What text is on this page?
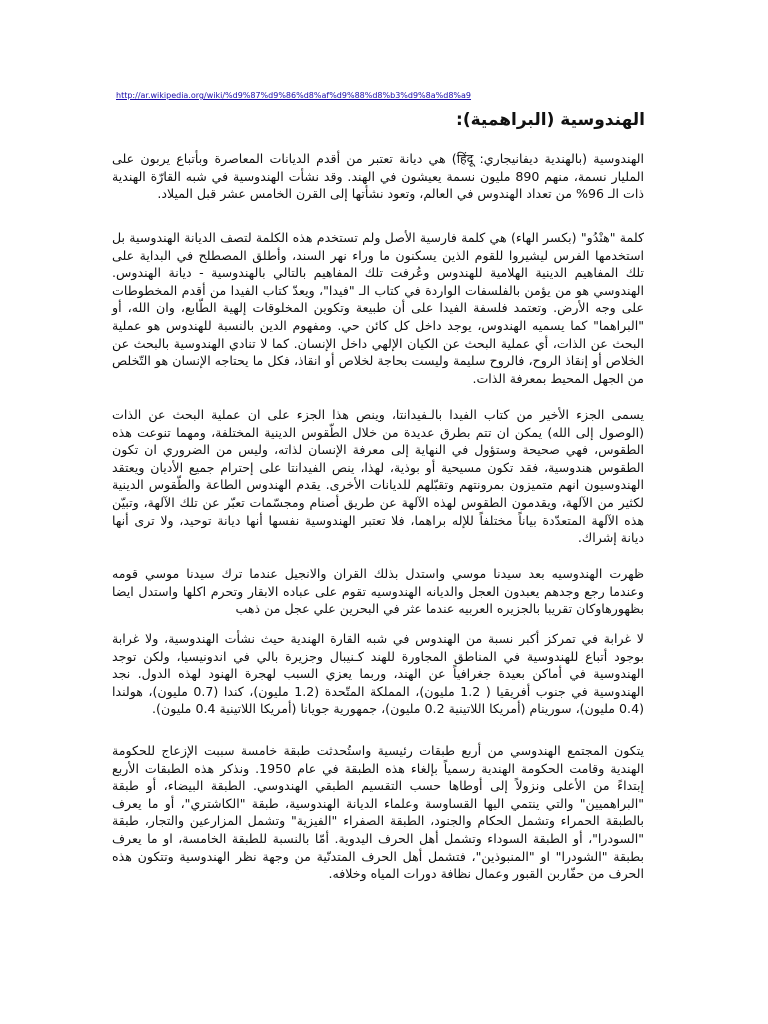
http://ar.wikipedia.org/wiki/%d9%87%d9%86%d8%af%d9%88%d8%b3%d9%8a%d8%a9
الهندوسية (البراهمية):

الهندوسية (بالهندية ديفانيجاري: हिंदू) هي ديانة تعتبر من أقدم الديانات المعاصرة وبأتباع يربون على المليار نسمة، منهم 890 مليون نسمة يعيشون في الهند. وقد نشأت الهندوسية في شبه القارّة الهندية ذات الـ 96% من تعداد الهندوس في العالم، وتعود نشأتها إلى القرن الخامس عشر قبل الميلاد.

كلمة "هنْدُو" (بكسر الهاء) هي كلمة فارسية الأصل ولم تستخدم هذه الكلمة لتصف الديانة الهندوسية بل استخدمها الفرس ليشيروا للقوم الذين يسكنون ما وراء نهر السند، وأطلق المصطلح في البداية على تلك المفاهيم الدينية الهلامية للهندوس وعُرفت تلك المفاهيم بالتالي بالهندوسية - ديانة الهندوس. الهندوسي هو من يؤمن بالفلسفات الواردة في كتاب الـ "فيدا"، ويعدّ كتاب الفيدا من أقدم المخطوطات على وجه الأرض. وتعتمد فلسفة الفيدا على أن طبيعة وتكوين المخلوقات إلهية الطّابع، وان الله، أو "البراهما" كما يسميه الهندوس، يوجد داخل كل كائن حي. ومفهوم الدين بالنسبة للهندوس هو عملية البحث عن الذات، أي عملية البحث عن الكيان الإلهي داخل الإنسان. كما لا تنادي الهندوسية بالبحث عن الخلاص أو إنقاذ الروح، فالروح سليمة وليست بحاجة لخلاص أو انقاذ، فكل ما يحتاجه الإنسان هو التّخلص من الجهل المحيط بمعرفة الذات.

يسمى الجزء الأخير من كتاب الفيدا بالـفيدانتا، وينص هذا الجزء على ان عملية البحث عن الذات (الوصول إلى الله) يمكن ان تتم بطرق عديدة من خلال الطّقوس الدينية المختلفة، ومهما تنوعت هذه الطقوس، فهي صحيحة وستؤول في النهاية إلى معرفة الإنسان لذاته، وليس من الضروري ان تكون الطقوس هندوسية، فقد تكون مسيحية أو بوذية، لهذا، ينص الفيدانتا على إحترام جميع الأديان ويعتقد الهندوسيون انهم متميزون بمرونتهم وتقبّلهم للديانات الأخرى. يقدم الهندوس الطاعة والطّقوس الدينية لكثير من الآلهة، ويقدمون الطقوس لهذه الآلهة عن طريق أصنام ومجسّمات تعبّر عن تلك الآلهة، وتبيّن هذه الآلهة المتعدّدة بياناً مختلفاً للإله براهما، فلا تعتبر الهندوسية نفسها أنها ديانة توحيد، ولا ترى أنها ديانة إشراك.

ظهرت الهندوسيه بعد سيدنا موسي واستدل بذلك القران والانجيل عندما ترك سيدنا موسي قومه وعندما رجع وجدهم يعبدون العجل والديانه الهندوسيه تقوم على عباده الابقار وتحرم اكلها واستدل ايضا بظهورهاوكان تقريبا بالجزيره العربيه عندما عثر في البحرين علي عجل من ذهب

لا غرابة في تمركز أكبر نسبة من الهندوس في شبه القارة الهندية حيث نشأت الهندوسية، ولا غرابة بوجود أتباع للهندوسية في المناطق المجاورة للهند كـنيبال وجزيرة بالي في اندونيسيا، ولكن توجد الهندوسية في أماكن بعيدة جغرافياً عن الهند، وربما يعزي السبب لهجرة الهنود لهذه الدول. نجد الهندوسية في جنوب أفريقيا ( 1.2 مليون)، المملكة المتّحدة (1.2 مليون)، كندا (0.7 مليون)، هولندا (0.4 مليون)، سورينام (أمريكا اللاتينية 0.2 مليون)، جمهورية جويانا (أمريكا اللاتينية 0.4 مليون).

يتكون المجتمع الهندوسي من أربع طبقات رئيسية واستُحدثت طبقة خامسة سببت الإزعاج للحكومة الهندية وقامت الحكومة الهندية رسمياً بإلغاء هذه الطبقة في عام 1950. ونذكر هذه الطبقات الأربع إبتداءً من الأعلى ونزولاً إلى أوطاها حسب التقسيم الطبقي الهندوسي. الطبقة البيضاء، أو طبقة "البراهميين" والتي ينتمي اليها القساوسة وعلماء الديانة الهندوسية، طبقة "الكاشتري"، أو ما يعرف بالطبقة الحمراء وتشمل الحكام والجنود، الطبقة الصفراء "الفيزية" وتشمل المزارعين والتجار، طبقة "السودرا"، أو الطبقة السوداء وتشمل أهل الحرف اليدوية. أمّا بالنسبة للطبقة الخامسة، او ما يعرف بطبقة "الشودرا" او "المنبوذين"، فتشمل أهل الحرف المتدنّية من وجهة نظر الهندوسية وتتكون هذه الحرف من حفّاربن القبور وعمال نظافة دورات المياه وخلافه.
